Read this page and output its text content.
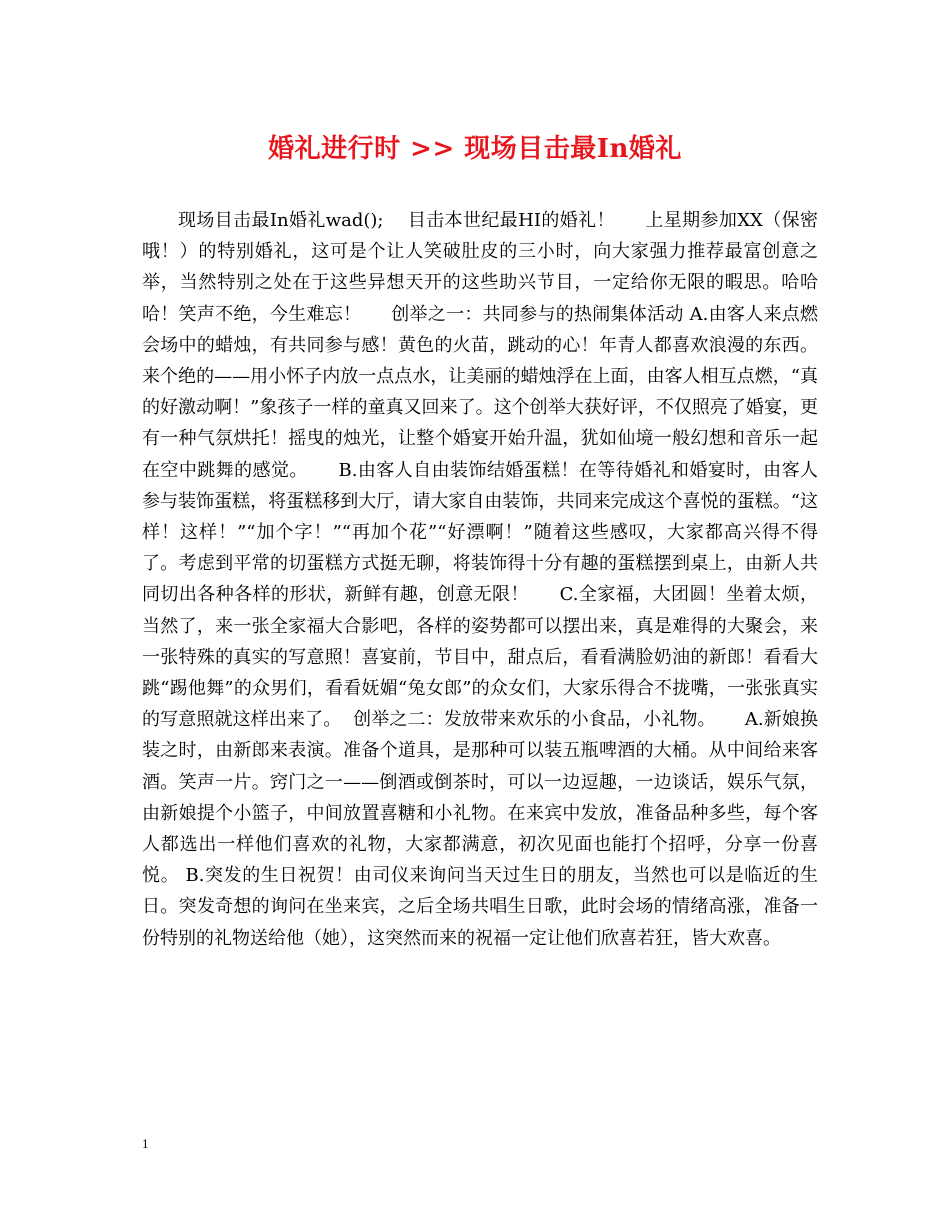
婚礼进行时 >> 现场目击最In婚礼

现场目击最In婚礼wad();    目击本世纪最HI的婚礼！     上星期参加XX（保密哦！）的特别婚礼，这可是个让人笑破肚皮的三小时，向大家强力推荐最富创意之举，当然特别之处在于这些异想天开的这些助兴节目，一定给你无限的暇思。哈哈哈！笑声不绝，今生难忘！     创举之一：共同参与的热闹集体活动 A.由客人来点燃会场中的蜡烛，有共同参与感！黄色的火苗，跳动的心！年青人都喜欢浪漫的东西。来个绝的——用小怀子内放一点点水，让美丽的蜡烛浮在上面，由客人相互点燃，“真的好激动啊！”象孩子一样的童真又回来了。这个创举大获好评，不仅照亮了婚宴，更有一种气氛烘托！摇曳的烛光，让整个婚宴开始升温，犹如仙境一般幻想和音乐一起在空中跳舞的感觉。     B.由客人自由装饰结婚蛋糕！在等待婚礼和婚宴时，由客人参与装饰蛋糕，将蛋糕移到大厅，请大家自由装饰，共同来完成这个喜悦的蛋糕。“这样！这样！”“加个字！”“再加个花”“好漂啊！”随着这些感叹，大家都高兴得不得了。考虑到平常的切蛋糕方式挺无聊，将装饰得十分有趣的蛋糕摆到桌上，由新人共同切出各种各样的形状，新鲜有趣，创意无限！     C.全家福，大团圆！坐着太烦，当然了，来一张全家福大合影吧，各样的姿势都可以摆出来，真是难得的大聚会，来一张特殊的真实的写意照！喜宴前，节目中，甜点后，看看满脸奶油的新郎！看看大跳“踢他舞”的众男们，看看妩媚“兔女郎”的众女们，大家乐得合不拢嘴，一张张真实的写意照就这样出来了。  创举之二：发放带来欢乐的小食品，小礼物。     A.新娘换装之时，由新郎来表演。准备个道具，是那种可以装五瓶啤酒的大桶。从中间给来客酒。笑声一片。窍门之一——倒酒或倒茶时，可以一边逗趣，一边谈话，娱乐气氛，由新娘提个小篮子，中间放置喜糖和小礼物。在来宾中发放，准备品种多些，每个客人都选出一样他们喜欢的礼物，大家都满意，初次见面也能打个招呼，分享一份喜悦。 B.突发的生日祝贺！由司仪来询问当天过生日的朋友，当然也可以是临近的生日。突发奇想的询问在坐来宾，之后全场共唱生日歌，此时会场的情绪高涨，准备一份特别的礼物送给他（她），这突然而来的祝福一定让他们欣喜若狂，皆大欢喜。

1
